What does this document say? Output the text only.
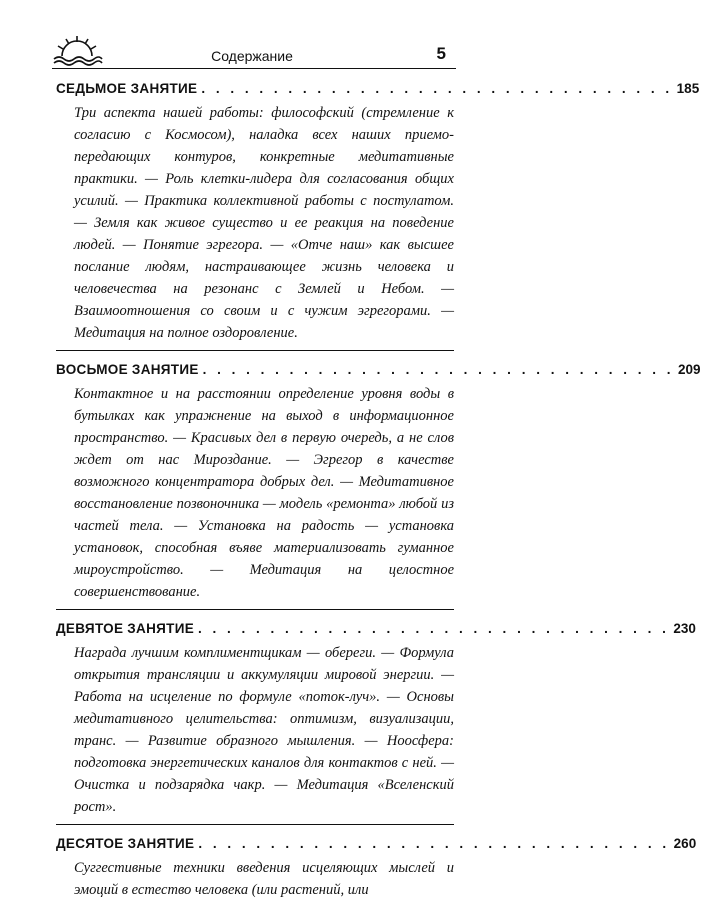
Содержание	5
СЕДЬМОЕ ЗАНЯТИЕ . . . . . . . . . . . . . . . . . . . . . . . . . . . . . . . . . 185
Три аспекта нашей работы: философский (стремление к согласию с Космосом), наладка всех наших приемо-передающих контуров, конкретные медитативные практики. — Роль клетки-лидера для согласования общих усилий. — Практика коллективной работы с постулатом. — Земля как живое существо и ее реакция на поведение людей. — Понятие эгрегора. — «Отче наш» как высшее послание людям, настраивающее жизнь человека и человечества на резонанс с Землей и Небом. — Взаимоотношения со своим и с чужим эгрегорами. — Медитация на полное оздоровление.
ВОСЬМОЕ ЗАНЯТИЕ . . . . . . . . . . . . . . . . . . . . . . . . . . . . . . . . . 209
Контактное и на расстоянии определение уровня воды в бутылках как упражнение на выход в информационное пространство. — Красивых дел в первую очередь, а не слов ждет от нас Мироздание. — Эгрегор в качестве возможного концентратора добрых дел. — Медитативное восстановление позвоночника — модель «ремонта» любой из частей тела. — Установка на радость — установка установок, способная въяве материализовать гуманное мироустройство. — Медитация на целостное совершенствование.
ДЕВЯТОЕ ЗАНЯТИЕ . . . . . . . . . . . . . . . . . . . . . . . . . . . . . . . . . 230
Награда лучшим комплиментщикам — обереги. — Формула открытия трансляции и аккумуляции мировой энергии. — Работа на исцеление по формуле «поток-луч». — Основы медитативного целительства: оптимизм, визуализации, транс. — Развитие образного мышления. — Ноосфера: подготовка энергетических каналов для контактов с ней. — Очистка и подзарядка чакр. — Медитация «Вселенский рост».
ДЕСЯТОЕ ЗАНЯТИЕ . . . . . . . . . . . . . . . . . . . . . . . . . . . . . . . . . 260
Суггестивные техники введения исцеляющих мыслей и эмоций в естество человека (или растений, или
